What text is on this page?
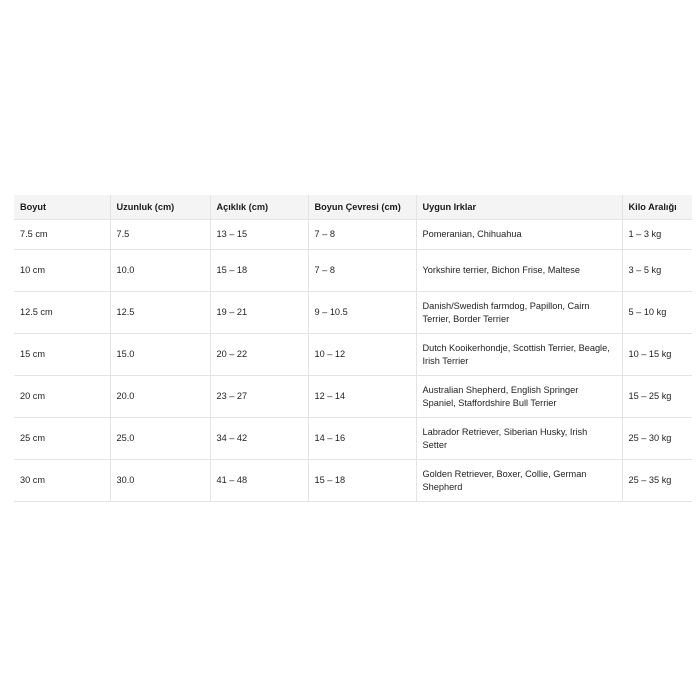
Boyut	Uzunluk (cm)	Açıklık (cm)	Boyun Çevresi (cm)	Uygun Irklar	Kilo Aralığı
7.5 cm	7.5	13 – 15	7 – 8	Pomeranian, Chihuahua	1 – 3 kg
10 cm	10.0	15 – 18	7 – 8	Yorkshire terrier, Bichon Frise, Maltese	3 – 5 kg
12.5 cm	12.5	19 – 21	9 – 10.5	Danish/Swedish farmdog, Papillon, Cairn Terrier, Border Terrier	5 – 10 kg
15 cm	15.0	20 – 22	10 – 12	Dutch Kooikerhondje, Scottish Terrier, Beagle, Irish Terrier	10 – 15 kg
20 cm	20.0	23 – 27	12 – 14	Australian Shepherd, English Springer Spaniel, Staffordshire Bull Terrier	15 – 25 kg
25 cm	25.0	34 – 42	14 – 16	Labrador Retriever, Siberian Husky, Irish Setter	25 – 30 kg
30 cm	30.0	41 – 48	15 – 18	Golden Retriever, Boxer, Collie, German Shepherd	25 – 35 kg
